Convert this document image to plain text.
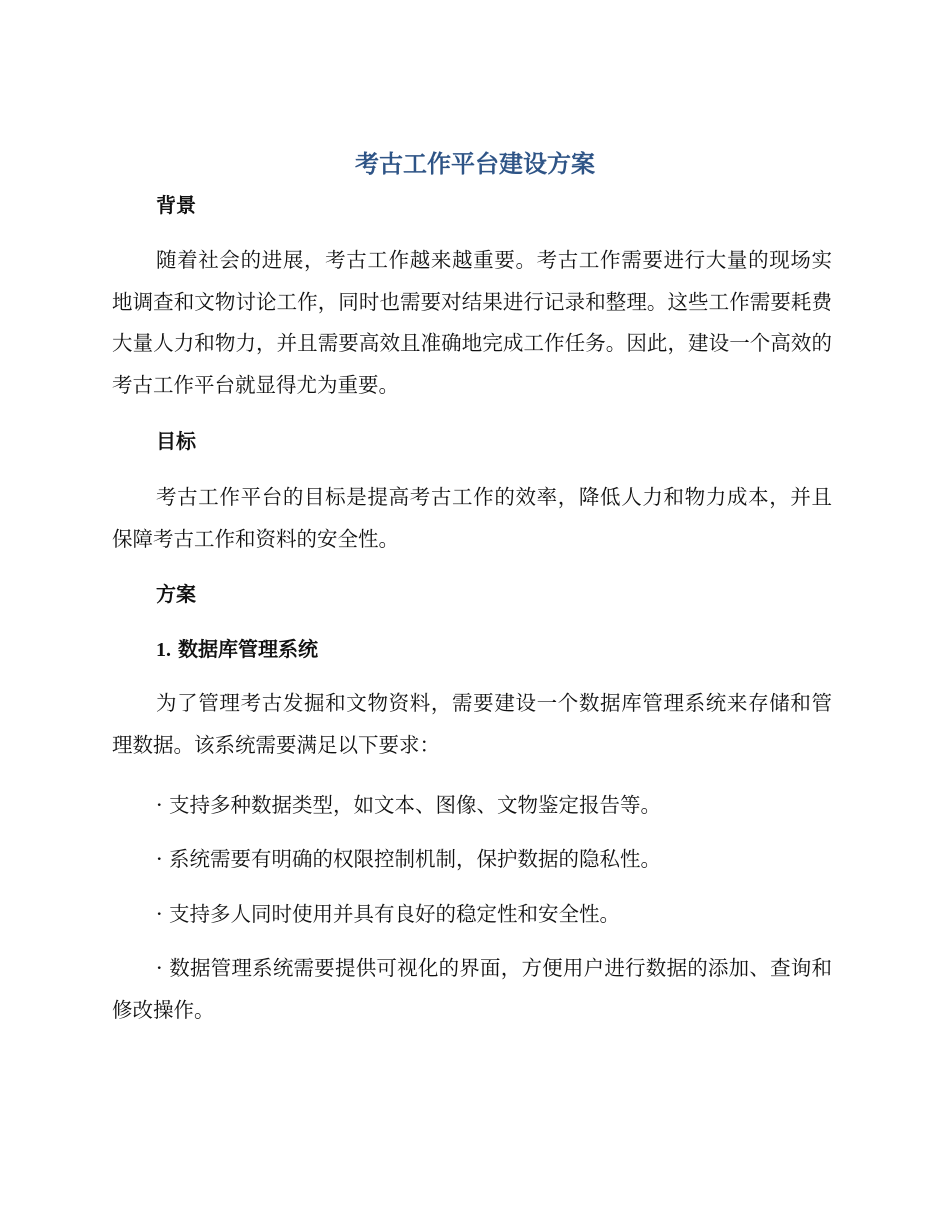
考古工作平台建设方案
背景

随着社会的进展，考古工作越来越重要。考古工作需要进行大量的现场实地调查和文物讨论工作，同时也需要对结果进行记录和整理。这些工作需要耗费大量人力和物力，并且需要高效且准确地完成工作任务。因此，建设一个高效的考古工作平台就显得尤为重要。

目标

考古工作平台的目标是提高考古工作的效率，降低人力和物力成本，并且保障考古工作和资料的安全性。

方案
1. 数据库管理系统

为了管理考古发掘和文物资料，需要建设一个数据库管理系统来存储和管理数据。该系统需要满足以下要求：

· 支持多种数据类型，如文本、图像、文物鉴定报告等。

· 系统需要有明确的权限控制机制，保护数据的隐私性。

· 支持多人同时使用并具有良好的稳定性和安全性。

· 数据管理系统需要提供可视化的界面，方便用户进行数据的添加、查询和修改操作。
